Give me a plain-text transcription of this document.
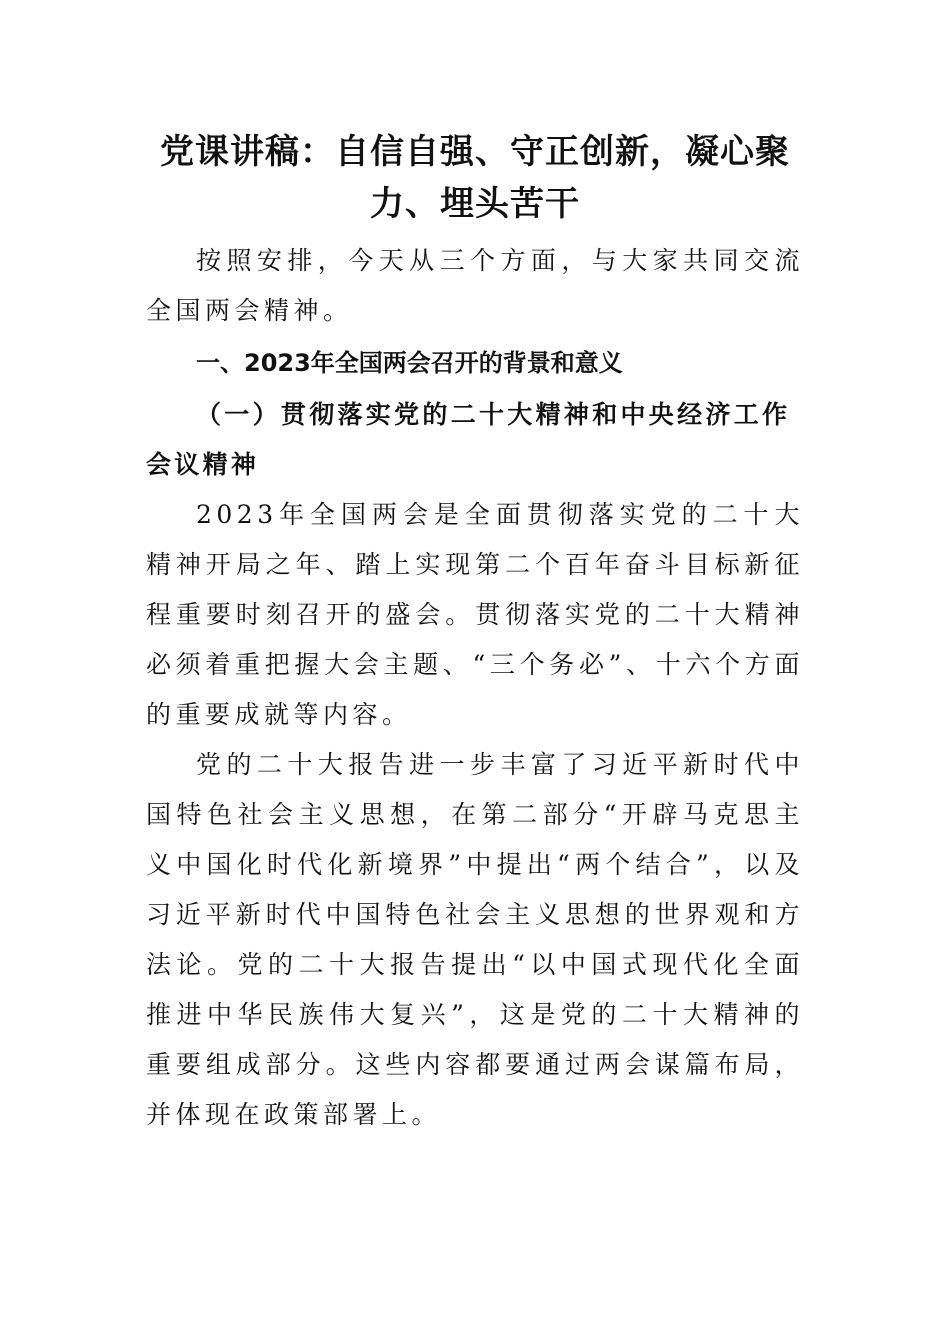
党课讲稿：自信自强、守正创新，凝心聚
力、埋头苦干

按照安排，今天从三个方面，与大家共同交流全国两会精神。

一、2023年全国两会召开的背景和意义

（一）贯彻落实党的二十大精神和中央经济工作会议精神

2023年全国两会是全面贯彻落实党的二十大精神开局之年、踏上实现第二个百年奋斗目标新征程重要时刻召开的盛会。贯彻落实党的二十大精神必须着重把握大会主题、“三个务必”、十六个方面的重要成就等内容。

党的二十大报告进一步丰富了习近平新时代中国特色社会主义思想，在第二部分“开辟马克思主义中国化时代化新境界”中提出“两个结合”，以及习近平新时代中国特色社会主义思想的世界观和方法论。党的二十大报告提出“以中国式现代化全面推进中华民族伟大复兴”，这是党的二十大精神的重要组成部分。这些内容都要通过两会谋篇布局，并体现在政策部署上。
